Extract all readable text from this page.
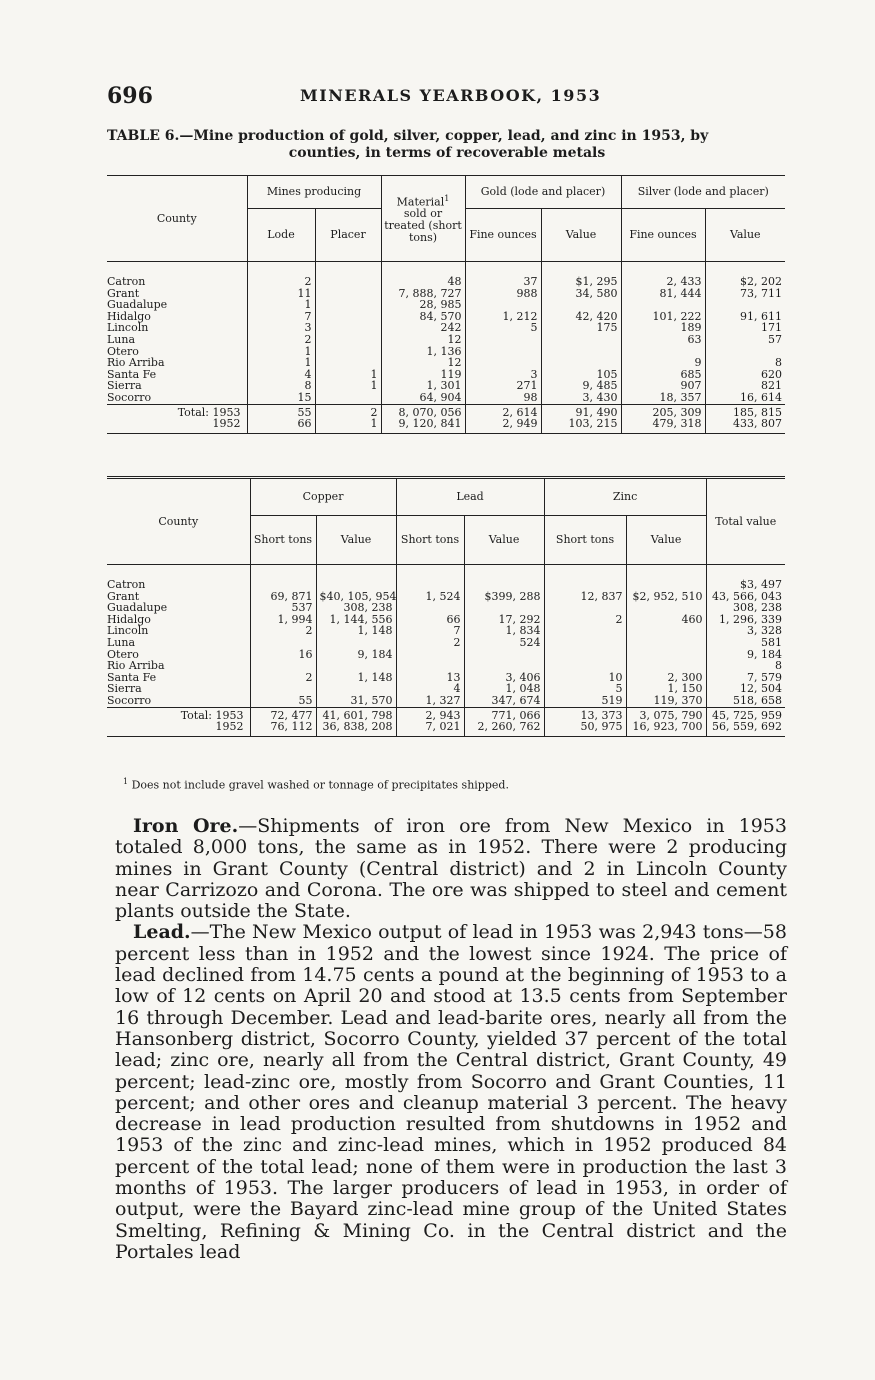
696	MINERALS YEARBOOK, 1953
TABLE 6.—Mine production of gold, silver, copper, lead, and zinc in 1953, by
counties, in terms of recoverable metals
County	Mines producing		Material$^1$
sold or treated (short tons)	Gold (lode and placer)		Silver (lode and placer)	
	Lode	Placer		Fine ounces	Value	Fine ounces	Value

Catron	2		48	37	$1, 295	2, 433	$2, 202
Grant	11		7, 888, 727	988	34, 580	81, 444	73, 711
Guadalupe	1		28, 985				
Hidalgo	7		84, 570	1, 212	42, 420	101, 222	91, 611
Lincoln	3		242	5	175	189	171
Luna	2		12			63	57
Otero	1		1, 136				
Rio Arriba	1		12			9	8
Santa Fe	4	1	119	3	105	685	620
Sierra	8	1	1, 301	271	9, 485	907	821
Socorro	15		64, 904	98	3, 430	18, 357	16, 614
Total: 1953	55	2	8, 070, 056	2, 614	91, 490	205, 309	185, 815
1952	66	1	9, 120, 841	2, 949	103, 215	479, 318	433, 807
County	Copper		Lead		Zinc		Total value
	Short tons	Value	Short tons	Value	Short tons	Value	

Catron							$3, 497
Grant	69, 871	$40, 105, 954	1, 524	$399, 288	12, 837	$2, 952, 510	43, 566, 043
Guadalupe	537	308, 238					308, 238
Hidalgo	1, 994	1, 144, 556	66	17, 292	2	460	1, 296, 339
Lincoln	2	1, 148	7	1, 834			3, 328
Luna			2	524			581
Otero	16	9, 184					9, 184
Rio Arriba							8
Santa Fe	2	1, 148	13	3, 406	10	2, 300	7, 579
Sierra			4	1, 048	5	1, 150	12, 504
Socorro	55	31, 570	1, 327	347, 674	519	119, 370	518, 658
Total: 1953	72, 477	41, 601, 798	2, 943	771, 066	13, 373	3, 075, 790	45, 725, 959
1952	76, 112	36, 838, 208	7, 021	2, 260, 762	50, 975	16, 923, 700	56, 559, 692
$^1$ Does not include gravel washed or tonnage of precipitates shipped.

Iron Ore.—Shipments of iron ore from New Mexico in 1953 totaled 8,000 tons, the same as in 1952. There were 2 producing mines in Grant County (Central district) and 2 in Lincoln County near Carrizozo and Corona. The ore was shipped to steel and cement plants outside the State.

Lead.—The New Mexico output of lead in 1953 was 2,943 tons—58 percent less than in 1952 and the lowest since 1924. The price of lead declined from 14.75 cents a pound at the beginning of 1953 to a low of 12 cents on April 20 and stood at 13.5 cents from September 16 through December. Lead and lead-barite ores, nearly all from the Hansonberg district, Socorro County, yielded 37 percent of the total lead; zinc ore, nearly all from the Central district, Grant County, 49 percent; lead-zinc ore, mostly from Socorro and Grant Counties, 11 percent; and other ores and cleanup material 3 percent. The heavy decrease in lead production resulted from shutdowns in 1952 and 1953 of the zinc and zinc-lead mines, which in 1952 produced 84 percent of the total lead; none of them were in production the last 3 months of 1953. The larger producers of lead in 1953, in order of output, were the Bayard zinc-lead mine group of the United States Smelting, Refining & Mining Co. in the Central district and the Portales lead
